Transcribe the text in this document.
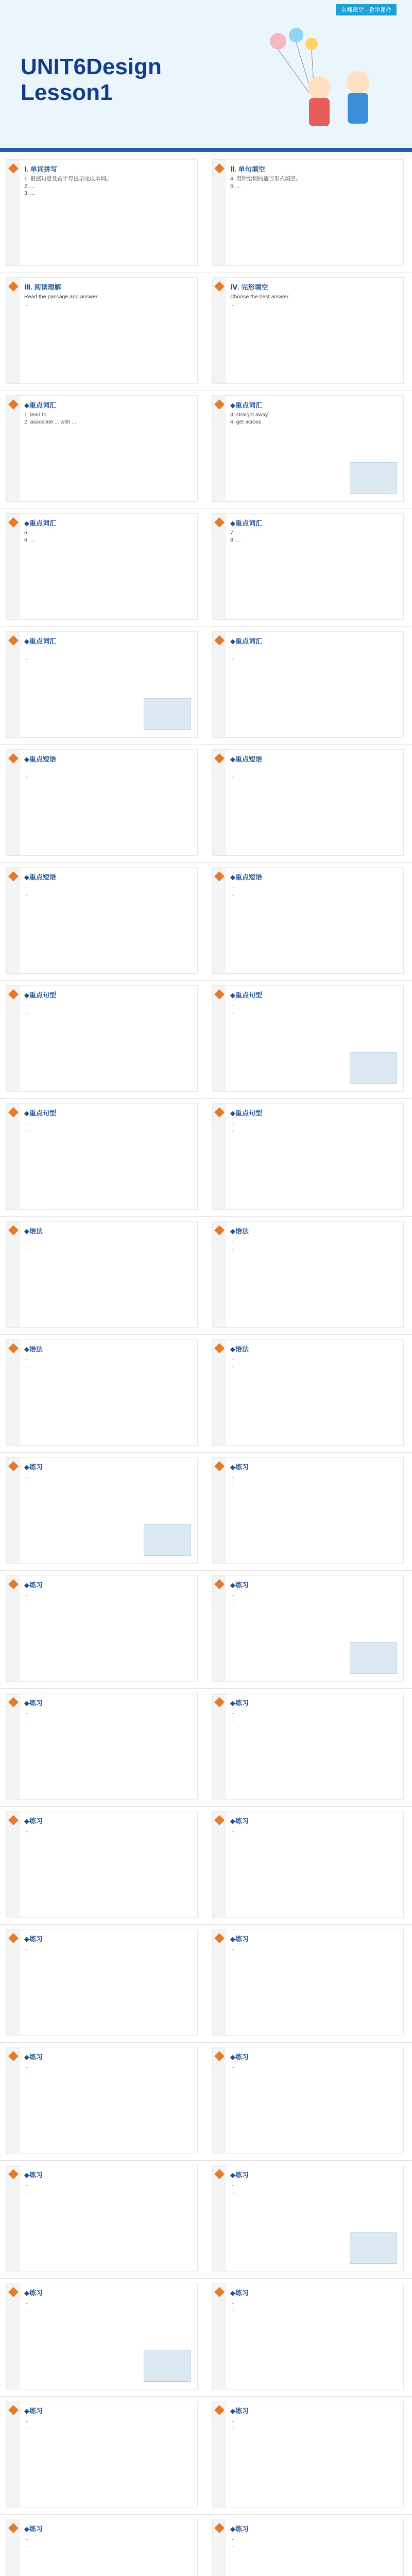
名师课堂 · 教学课件
UNIT6Design
Lesson1
Ⅰ. 单词拼写
1. 根据句意及首字母提示完成单词。
2. ...
3. ...
Ⅱ. 单句填空
4. 用所给词的适当形式填空。
5. ...
Ⅲ. 阅读理解
Read the passage and answer.
...
Ⅳ. 完形填空
Choose the best answer.
...
◆重点词汇
1. lead to
2. associate ... with ...
◆重点词汇
3. straight away
4. get across
◆重点词汇
5. ...
6. ...
◆重点词汇
7. ...
8. ...
◆重点词汇
...
...
◆重点词汇
...
...
◆重点短语
...
...
◆重点短语
...
...
◆重点短语
...
...
◆重点短语
...
...
◆重点句型
...
...
◆重点句型
...
...
◆重点句型
...
...
◆重点句型
...
...
◆语法
...
...
◆语法
...
...
◆语法
...
...
◆语法
...
...
◆练习
...
...
◆练习
...
...
◆练习
...
...
◆练习
...
...
◆练习
...
...
◆练习
...
...
◆练习
...
...
◆练习
...
...
◆练习
...
...
◆练习
...
...
◆练习
...
...
◆练习
...
...
◆练习
...
...
◆练习
...
...
◆练习
...
...
◆练习
...
...
◆练习
...
...
◆练习
...
...
◆练习
...
...
◆练习
...
...
